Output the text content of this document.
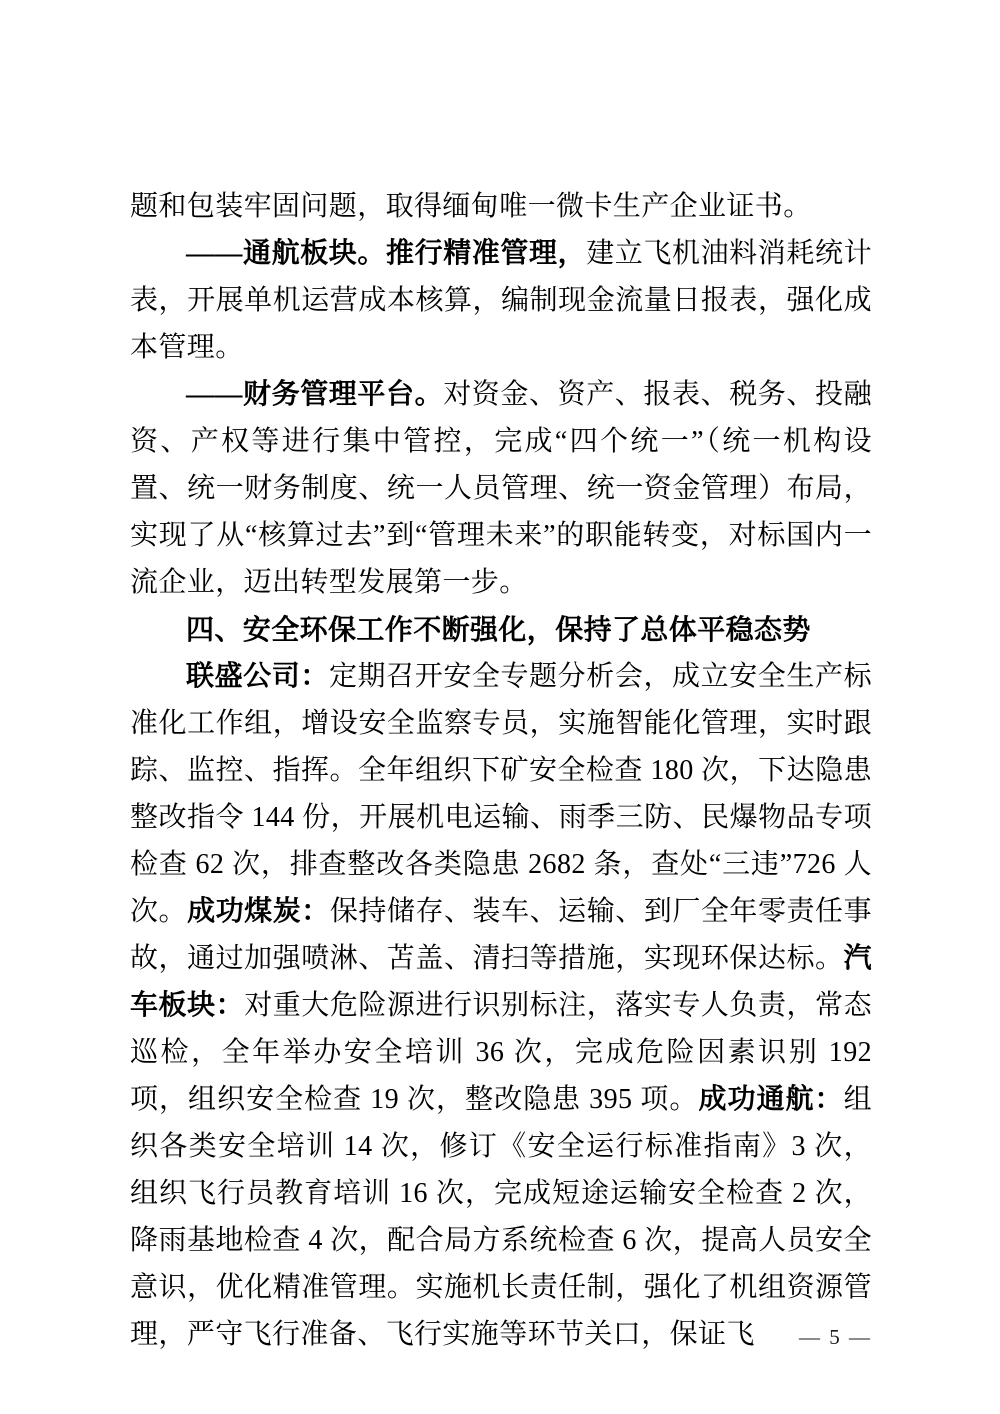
题和包装牢固问题，取得缅甸唯一微卡生产企业证书。

——通航板块。推行精准管理，建立飞机油料消耗统计表，开展单机运营成本核算，编制现金流量日报表，强化成本管理。

——财务管理平台。对资金、资产、报表、税务、投融资、产权等进行集中管控，完成“四个统一”（统一机构设置、统一财务制度、统一人员管理、统一资金管理）布局，实现了从“核算过去”到“管理未来”的职能转变，对标国内一流企业，迈出转型发展第一步。

四、安全环保工作不断强化，保持了总体平稳态势

联盛公司：定期召开安全专题分析会，成立安全生产标准化工作组，增设安全监察专员，实施智能化管理，实时跟踪、监控、指挥。全年组织下矿安全检查 180 次，下达隐患整改指令 144 份，开展机电运输、雨季三防、民爆物品专项检查 62 次，排查整改各类隐患 2682 条，查处“三违”726 人次。成功煤炭：保持储存、装车、运输、到厂全年零责任事故，通过加强喷淋、苫盖、清扫等措施，实现环保达标。汽车板块：对重大危险源进行识别标注，落实专人负责，常态巡检，全年举办安全培训 36 次，完成危险因素识别 192 项，组织安全检查 19 次，整改隐患 395 项。成功通航：组织各类安全培训 14 次，修订《安全运行标准指南》3 次，组织飞行员教育培训 16 次，完成短途运输安全检查 2 次，降雨基地检查 4 次，配合局方系统检查 6 次，提高人员安全意识，优化精准管理。实施机长责任制，强化了机组资源管理，严守飞行准备、飞行实施等环节关口，保证飞	— 5 —
